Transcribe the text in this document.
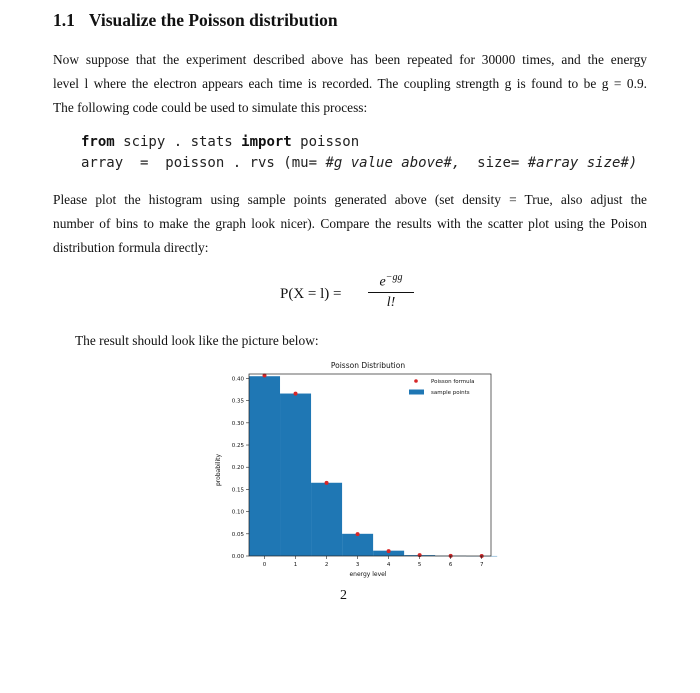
1.1 Visualize the Poisson distribution
Now suppose that the experiment described above has been repeated for 30000 times, and the energy
level l where the electron appears each time is recorded. The coupling strength g is found to be g = 0.9.
The following code could be used to simulate this process:
from scipy . stats import poisson
array  =  poisson . rvs (mu= #g value above#,  size= #array size#)
Please plot the histogram using sample points generated above (set density = True, also adjust the
number of bins to make the graph look nicer). Compare the results with the scatter plot using the Poison
distribution formula directly:
P(X = l) =
$e^{-gg}$
l!
The result should look like the picture below:
Poisson Distribution
energy level
probability
0	1	2	3	4	5	6	7
0.00
0.05
0.10
0.15
0.20
0.25
0.30
0.35
0.40	Poisson formula
sample points
2
